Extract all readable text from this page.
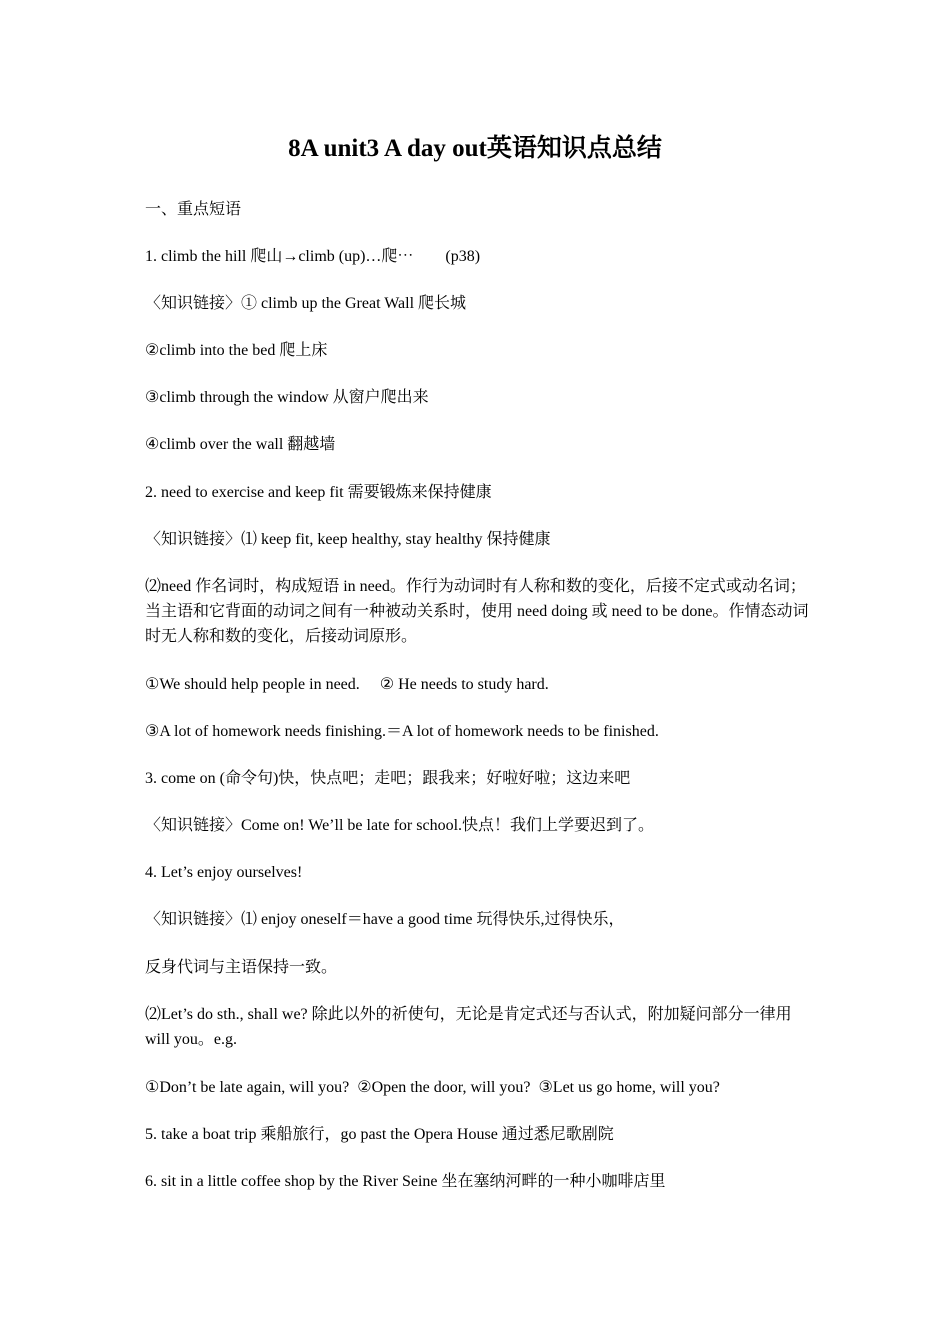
8A unit3 A day out英语知识点总结

一、重点短语

1. climb the hill 爬山→climb (up)…爬⋯        (p38)

〈知识链接〉① climb up the Great Wall 爬长城

②climb into the bed 爬上床

③climb through the window 从窗户爬出来

④climb over the wall 翻越墙

2. need to exercise and keep fit 需要锻炼来保持健康

〈知识链接〉⑴ keep fit, keep healthy, stay healthy 保持健康

⑵need 作名词时，构成短语 in need。作行为动词时有人称和数的变化，后接不定式或动名词；当主语和它背面的动词之间有一种被动关系时，使用 need doing 或 need to be done。作情态动词时无人称和数的变化，后接动词原形。

①We should help people in need.     ② He needs to study hard.

③A lot of homework needs finishing.＝A lot of homework needs to be finished.

3. come on (命令句)快，快点吧；走吧；跟我来；好啦好啦；这边来吧

〈知识链接〉Come on! We’ll be late for school.快点！我们上学要迟到了。

4. Let’s enjoy ourselves!

〈知识链接〉⑴ enjoy oneself＝have a good time 玩得快乐,过得快乐，

反身代词与主语保持一致。

⑵Let’s do sth., shall we? 除此以外的祈使句，无论是肯定式还与否认式，附加疑问部分一律用 will you。e.g.

①Don’t be late again, will you?  ②Open the door, will you?  ③Let us go home, will you?

5. take a boat trip 乘船旅行，go past the Opera House 通过悉尼歌剧院

6. sit in a little coffee shop by the River Seine 坐在塞纳河畔的一种小咖啡店里
